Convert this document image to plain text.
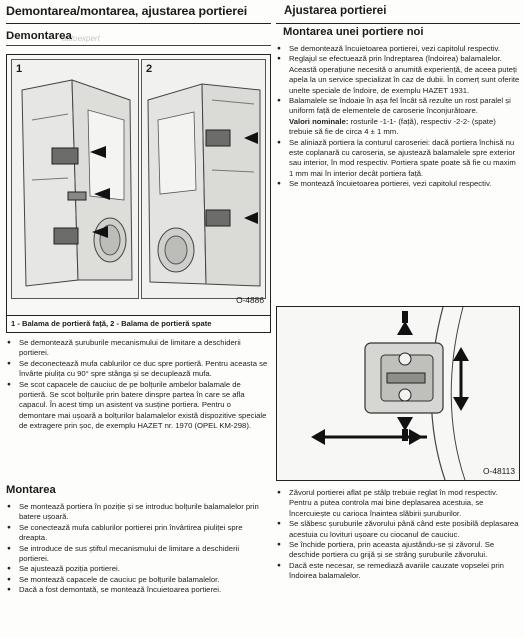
Demontarea/montarea, ajustarea portierei
autoexpert
Demontarea
Ajustarea portierei
Montarea unei portiere noi
1	2
O-4886
1 - Balama de portieră față, 2 - Balama de portieră spate
● Se demontează șuruburile mecanismului de limitare a deschiderii portierei.
● Se deconectează mufa cablurilor ce duc spre portieră. Pentru aceasta se învârte piulița cu 90° spre stânga și se decuplează mufa.
● Se scot capacele de cauciuc de pe bolțurile ambelor balamale de portieră. Se scot bolțurile prin batere dinspre partea în care se afla capacul. În acest timp un asistent va susține portiera. Pentru o demontare mai ușoară a bolțurilor balamalelor există dispozitive speciale de extragere prin șoc, de exemplu HAZET nr. 1970 (OPEL KM-298).
Montarea
● Se montează portiera în poziție și se introduc bolțurile balamalelor prin batere ușoară.
● Se conectează mufa cablurilor portierei prin învârtirea piuliței spre dreapta.
● Se introduce de sus știftul mecanismului de limitare a deschiderii portierei.
● Se ajustează poziția portierei.
● Se montează capacele de cauciuc pe bolțurile balamalelor.
● Dacă a fost demontată, se montează încuietoarea portierei.
● Se demontează încuietoarea portierei, vezi capitolul respectiv.
● Reglajul se efectuează prin îndreptarea (îndoirea) balamalelor. Această operațiune necesită o anumită experiență, de aceea puteți apela la un service specializat în caz de dubii. În comerț sunt oferite unelte speciale de îndoire, de exemplu HAZET 1931.
● Balamalele se îndoaie în așa fel încât să rezulte un rost paralel și uniform față de elementele de caroserie înconjurătoare.
Valori nominale: rosturile -1-1- (față), respectiv -2-2- (spate) trebuie să fie de circa 4 ± 1 mm.
● Se aliniază portiera la conturul caroseriei: dacă portiera închisă nu este coplanară cu caroseria, se ajustează balamalele spre exterior sau interior, în mod respectiv. Portiera spate poate să fie cu maxim 1 mm mai în interior decât portiera față.
● Se montează încuietoarea portierei, vezi capitolul respectiv.
O-48113
● Zăvorul portierei aflat pe stâlp trebuie reglat în mod respectiv. Pentru a putea controla mai bine deplasarea acestuia, se încercuiește cu carioca înaintea slăbirii șuruburilor.
● Se slăbesc șuruburile zăvorului până când este posibilă deplasarea acestuia cu lovituri ușoare cu ciocanul de cauciuc.
● Se închide portiera, prin aceasta ajustându-se și zăvorul. Se deschide portiera cu grijă și se strâng șuruburile zăvorului.
● Dacă este necesar, se remediază avariile cauzate vopselei prin îndoirea balamalelor.
